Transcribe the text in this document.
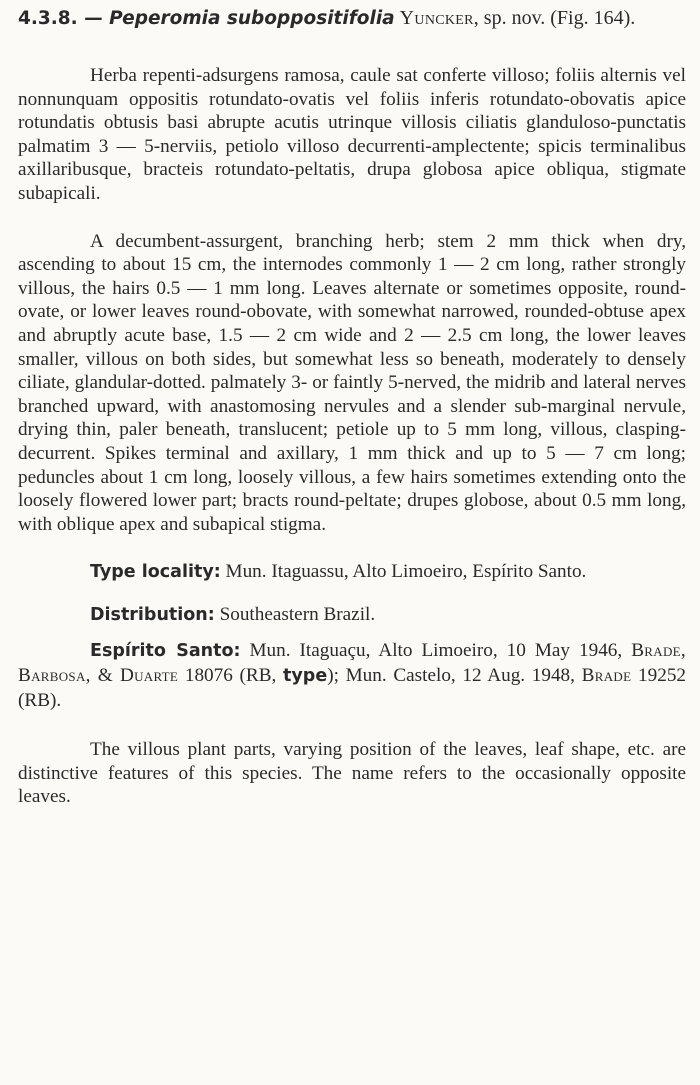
4.3.8. — Peperomia suboppositifolia Yuncker, sp. nov. (Fig. 164).

Herba repenti-adsurgens ramosa, caule sat conferte villoso; foliis alternis vel nonnunquam oppositis rotundato-ovatis vel foliis inferis rotundato-obovatis apice rotundatis obtusis basi abrupte acutis utrinque villosis ciliatis glanduloso-punctatis palmatim 3 — 5-nerviis, petiolo villoso decurrenti-amplectente; spicis terminalibus axillaribusque, bracteis rotundato-peltatis, drupa globosa apice obliqua, stigmate subapicali.

A decumbent-assurgent, branching herb; stem 2 mm thick when dry, ascending to about 15 cm, the internodes commonly 1 — 2 cm long, rather strongly villous, the hairs 0.5 — 1 mm long. Leaves alternate or sometimes opposite, round-ovate, or lower leaves round-obovate, with somewhat narrowed, rounded-obtuse apex and abruptly acute base, 1.5 — 2 cm wide and 2 — 2.5 cm long, the lower leaves smaller, villous on both sides, but somewhat less so beneath, moderately to densely ciliate, glandular-dotted. palmately 3- or faintly 5-nerved, the midrib and lateral nerves branched upward, with anastomosing nervules and a slender sub-marginal nervule, drying thin, paler beneath, translucent; petiole up to 5 mm long, villous, clasping-decurrent. Spikes terminal and axillary, 1 mm thick and up to 5 — 7 cm long; peduncles about 1 cm long, loosely villous, a few hairs sometimes extending onto the loosely flowered lower part; bracts round-peltate; drupes globose, about 0.5 mm long, with oblique apex and subapical stigma.

Type locality: Mun. Itaguassu, Alto Limoeiro, Espírito Santo.

Distribution: Southeastern Brazil.

Espírito Santo: Mun. Itaguaçu, Alto Limoeiro, 10 May 1946, Brade, Barbosa, & Duarte 18076 (RB, type); Mun. Castelo, 12 Aug. 1948, Brade 19252 (RB).

The villous plant parts, varying position of the leaves, leaf shape, etc. are distinctive features of this species. The name refers to the occasionally opposite leaves.
